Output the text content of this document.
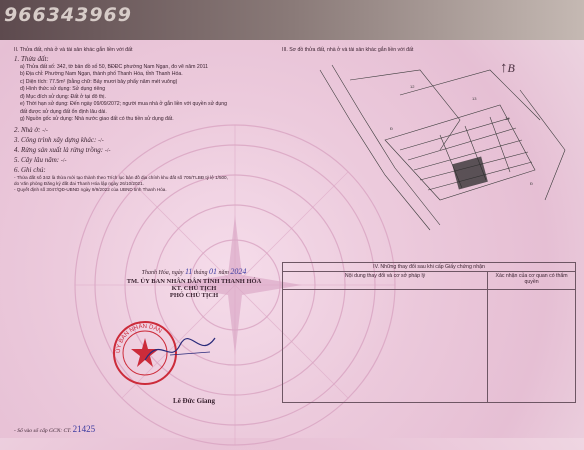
966343969
II. Thửa đất, nhà ở và tài sản khác gắn liền với đất
1. Thửa đất:
a) Thửa đất số: 342, tờ bản đồ số 50, BĐĐC phường Nam Ngạn, đo vẽ năm 2011
b) Địa chỉ: Phường Nam Ngạn, thành phố Thanh Hóa, tỉnh Thanh Hóa.
c) Diện tích: 77.5m² (bằng chữ: Bảy mươi bảy phẩy năm mét vuông)
d) Hình thức sử dụng: Sử dụng riêng
đ) Mục đích sử dụng: Đất ở tại đô thị.
e) Thời hạn sử dụng: Đến ngày 09/09/2072; người mua nhà ở gắn liền với quyền sử dụng
đất được sử dụng đất ổn định lâu dài.
g) Nguồn gốc sử dụng: Nhà nước giao đất có thu tiền sử dụng đất.
2. Nhà ở: -/-
3. Công trình xây dựng khác: -/-
4. Rừng sản xuất là rừng trồng: -/-
5. Cây lâu năm: -/-
6. Ghi chú:
- Thửa đất số 342 là thửa mới tạo thành theo Trích lục bản đồ địa chính khu đất số 705/TLBĐ tỷ lệ 1/500,
do Văn phòng Đăng ký đất đai Thanh Hóa lập ngày 26/10/2021.
- Quyết định số 3047/QĐ-UBND ngày 9/9/2022 của UBND tỉnh Thanh Hóa.
III. Sơ đồ thửa đất, nhà ở và tài sản khác gắn liền với đất
↑B
12
13
14
Đ
Đ
IV. Những thay đổi sau khi cấp Giấy chứng nhận	
Nội dung thay đổi và cơ sở pháp lý	Xác nhận của cơ quan có thẩm quyền

Thanh Hóa, ngày 11 tháng 01 năm 2024
TM. ỦY BAN NHÂN DÂN TỈNH THANH HÓA
KT. CHỦ TỊCH
PHÓ CHỦ TỊCH
ỦY BAN NHÂN DÂN
Lê Đức Giang
- Số vào sổ cấp GCN: CT. 21425
